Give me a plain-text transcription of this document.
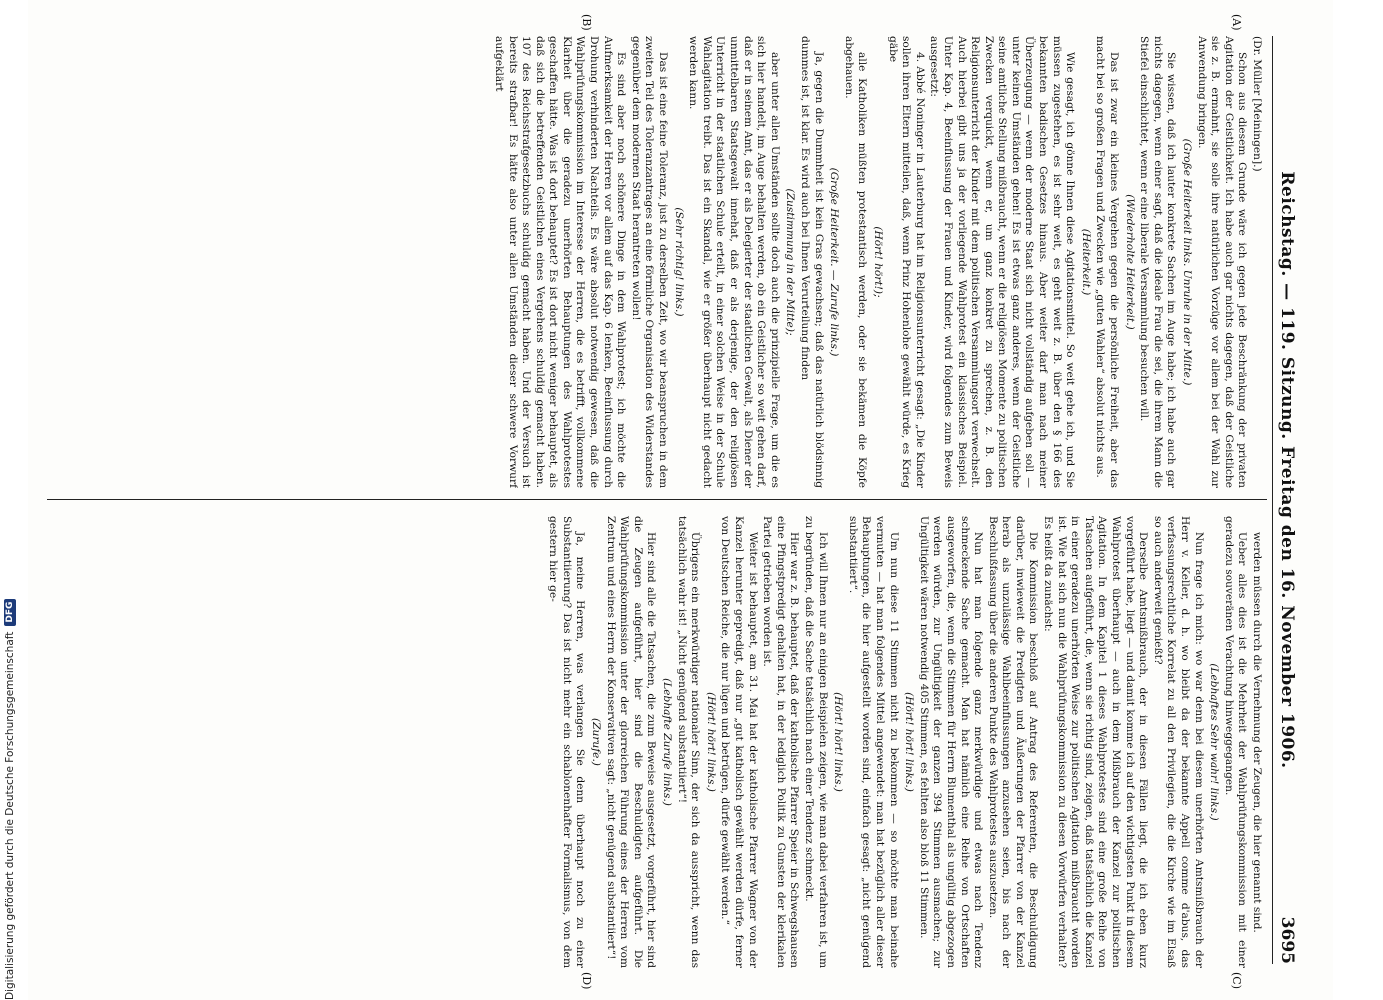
Reichstag. — 119. Sitzung. Freitag den 16. November 1906.
3695
(A)
(B)
(C)
(D)

(Dr. Müller [Meiningen].)

Schon aus diesem Grunde wäre ich gegen jede Beschränkung der privaten Agitation der Geistlichkeit. Ich habe auch gar nichts dagegen, daß der Geistliche sie z. B. ermahnt, sie solle ihre natürlichen Vorzüge vor allem bei der Wahl zur Anwendung bringen.

(Große Heiterkeit links. Unruhe in der Mitte.)

Sie wissen, daß ich lauter konkrete Sachen im Auge habe; ich habe auch gar nichts dagegen, wenn einer sagt, daß die ideale Frau die sei, die ihrem Mann die Stiefel einschlichtet, wenn er eine liberale Versammlung besuchen will.

(Wiederholte Heiterkeit.)

Das ist zwar ein kleines Vergehen gegen die persönliche Freiheit, aber das macht bei so großen Fragen und Zwecken wie „guten Wahlen“ absolut nichts aus.

(Heiterkeit.)

Wie gesagt, ich gönne Ihnen diese Agitationsmittel. So weit gehe ich, und Sie müssen zugestehen, es ist sehr weit, es geht weit z. B. über den § 166 des bekannten badischen Gesetzes hinaus. Aber weiter darf man nach meiner Überzeugung — wenn der moderne Staat sich nicht vollständig aufgeben soll — unter keinen Umständen gehen! Es ist etwas ganz anderes, wenn der Geistliche seine amtliche Stellung mißbraucht, wenn er die religiösen Momente zu politischen Zwecken verquickt, wenn er, um ganz konkret zu sprechen, z. B. den Religionsunterricht der Kinder mit dem politischen Versammlungsort verwechselt. Auch hierbei gibt uns ja der vorliegende Wahlprotest ein klassisches Beispiel. Unter Kap. 4, Beeinflussung der Frauen und Kinder, wird folgendes zum Beweis ausgesetzt:

4. Abbé Noninger in Lauterburg hat im Religionsunterricht gesagt: „Die Kinder sollen ihren Eltern mitteilen, daß, wenn Prinz Hohenlohe gewählt würde, es Krieg gäbe

(Hört! hört!);

alle Katholiken müßten protestantisch werden, oder sie bekämen die Köpfe abgehauen.

(Große Heiterkeit. — Zurufe links.)

Ja, gegen die Dummheit ist kein Gras gewachsen; daß das natürlich blödsinnig dummes ist, ist klar. Es wird auch bei Ihnen Verurteilung finden

(Zustimmung in der Mitte);

aber unter allen Umständen sollte doch auch die prinzipielle Frage, um die es sich hier handelt, im Auge behalten werden, ob ein Geistlicher so weit gehen darf, daß er in seinem Amt, das er als Delegierter der staatlichen Gewalt, als Diener der unmittelbaren Staatsgewalt innehat, daß er als derjenige, der den religiösen Unterricht in der staatlichen Schule erteilt, in einer solchen Weise in der Schule Wahlagitation treibt. Das ist ein Skandal, wie er größer überhaupt nicht gedacht werden kann.

(Sehr richtig! links.)

Das ist eine feine Toleranz, just zu derselben Zeit, wo wir beanspruchen in dem zweiten Teil des Toleranzantrages an eine förmliche Organisation des Widerstandes gegenüber dem modernen Staat herantreten wollen!

Es sind aber noch schönere Dinge in dem Wahlprotest; ich möchte die Aufmerksamkeit der Herren vor allem auf das Kap. 6 lenken, Beeinflussung durch Drohung verhinderten Nachteils. Es wäre absolut notwendig gewesen, daß die Wahlprüfungskommission im Interesse der Herren, die es betrifft, vollkommene Klarheit über die geradezu unerhörten Behauptungen des Wahlprotestes geschaffen hätte. Was ist dort behauptet? Es ist dort nicht weniger behauptet, als daß sich die betreffenden Geistlichen eines Vergehens schuldig gemacht haben. 107 des Reichsstrafgesetzbuchs schuldig gemacht haben. Und der Versuch ist bereits strafbar! Es hätte also unter allen Umständen dieser schwere Vorwurf aufgeklärt

werden müssen durch die Vernehmung der Zeugen, die hier genannt sind.

Ueber alles dies ist die Mehrheit der Wahlprüfungskommission mit einer geradezu souveränen Verachtung hinweggegangen.

(Lebhaftes Sehr wahr! links.)

Nun frage ich mich: wo war denn bei diesem unerhörten Amtsmißbrauch der Herr v. Keller, d. h. wo bleibt da der bekannte Appell comme d'abus, das verfassungsrechtliche Korrelat zu all den Privilegien, die die Kirche wie im Elsaß so auch anderweit genießt?

Derselbe Amtsmißbrauch, der in diesen Fällen liegt, die ich eben kurz vorgeführt habe, liegt — und damit komme ich auf den wichtigsten Punkt in diesem Wahlprotest überhaupt — auch in dem Mißbrauch der Kanzel zur politischen Agitation. In dem Kapitel 1 dieses Wahlprotestes sind eine große Reihe von Tatsachen aufgeführt, die, wenn sie richtig sind, zeigen, daß tatsächlich die Kanzel in einer geradezu unerhörten Weise zur politischen Agitation mißbraucht worden ist. Wie hat sich nun die Wahlprüfungskommission zu diesen Vorwürfen verhalten? Es heißt da zunächst:

Die Kommission beschloß auf Antrag des Referenten, die Beschuldigung darüber, inwieweit die Predigten und Äußerungen der Pfarrer von der Kanzel herab als unzulässige Wahlbeeinflussungen anzusehen seien, bis nach der Beschlußfassung über die anderen Punkte des Wahlprotestes auszusetzen.

Nun hat man folgende ganz merkwürdige und etwas nach Tendenz schmeckende Sache gemacht. Man hat nämlich eine Reihe von Ortschaften ausgeworfen, die, wenn die Stimmen für Herrn Blumenthal als ungültig abgezogen werden würden, zur Ungültigkeit der ganzen 394 Stimmen ausmachen; zur Ungültigkeit wären notwendig 405 Stimmen, es fehlten also bloß 11 Stimmen.

(Hört! hört! links.)

Um nun diese 11 Stimmen nicht zu bekommen — so möchte man beinahe vermuten — hat man folgendes Mittel angewendet: man hat bezüglich aller dieser Behauptungen, die hier aufgestellt worden sind, einfach gesagt: „nicht genügend substantiiert“.

(Hört! hört! links.)

Ich will Ihnen nur an einigen Beispielen zeigen, wie man dabei verfahren ist, um zu begründen, daß die Sache tatsächlich nach einer Tendenz schmeckt.

Hier war z. B. behauptet, daß der katholische Pfarrer Speier in Schwegshausen eine Pfingstpredigt gehalten hat, in der lediglich Politik zu Gunsten der klerikalen Partei getrieben worden ist.

Weiter ist behauptet, am 31. Mai hat der katholische Pfarrer Wagner von der Kanzel herunter gepredigt, daß nur „gut katholisch gewählt werden dürfe, ferner von Deutschen Reiche, die nur lügen und betrügen, dürfe gewählt werden.“

(Hört! hört! links.)

Übrigens ein merkwürdiger nationaler Sinn, der sich da ausspricht, wenn das tatsächlich wahr ist! „Nicht genügend substantiiert“!

(Lebhafte Zurufe links.)

Hier sind alle die Tatsachen, die zum Beweise ausgesetzt, vorgeführt, hier sind die Zeugen aufgeführt, hier sind die Beschuldigten aufgeführt. Die Wahlprüfungskommission unter der glorreichen Führung eines der Herren vom Zentrum und eines Herrn der Konservativen sagt: „nicht genügend substantiiert“!

(Zurufe.)

Ja, meine Herren, was verlangen Sie denn überhaupt noch zu einer Substantiierung? Das ist nicht mehr ein schablonenhafter Formalismus, von dem gestern hier ge-

Digitalisierung gefördert durch die Deutsche Forschungsgemeinschaft
DFG
